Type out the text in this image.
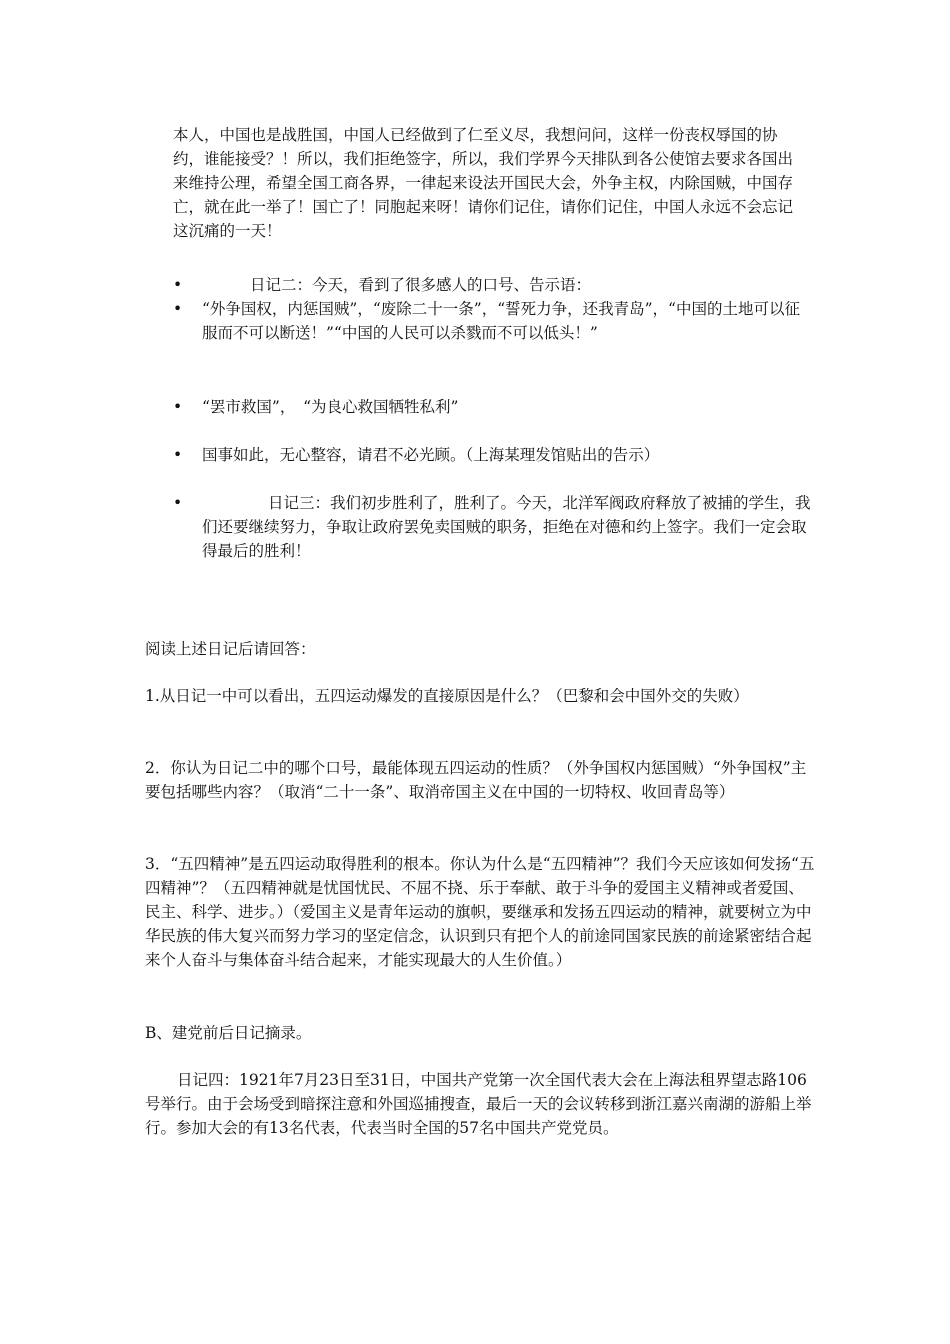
本人，中国也是战胜国，中国人已经做到了仁至义尽，我想问问，这样一份丧权辱国的协约，谁能接受？！所以，我们拒绝签字，所以，我们学界今天排队到各公使馆去要求各国出来维持公理，希望全国工商各界，一律起来设法开国民大会，外争主权，内除国贼，中国存亡，就在此一举了！国亡了！同胞起来呀！请你们记住，请你们记住，中国人永远不会忘记这沉痛的一天！

•	日记二：今天，看到了很多感人的口号、告示语：

• “外争国权，内惩国贼”，“废除二十一条”，“誓死力争，还我青岛”，“中国的土地可以征服而不可以断送！”“中国的人民可以杀戮而不可以低头！”

• “罢市救国”，　“为良心救国牺牲私利”

• 国事如此，无心整容，请君不必光顾。（上海某理发馆贴出的告示）

•	日记三：我们初步胜利了，胜利了。今天，北洋军阀政府释放了被捕的学生，我们还要继续努力，争取让政府罢免卖国贼的职务，拒绝在对德和约上签字。我们一定会取得最后的胜利！

阅读上述日记后请回答：

1.从日记一中可以看出，五四运动爆发的直接原因是什么？（巴黎和会中国外交的失败）

2．你认为日记二中的哪个口号，最能体现五四运动的性质？（外争国权内惩国贼）“外争国权”主要包括哪些内容？（取消“二十一条”、取消帝国主义在中国的一切特权、收回青岛等）

3．“五四精神”是五四运动取得胜利的根本。你认为什么是“五四精神”？我们今天应该如何发扬“五四精神”？（五四精神就是忧国忧民、不屈不挠、乐于奉献、敢于斗争的爱国主义精神或者爱国、民主、科学、进步。）（爱国主义是青年运动的旗帜，要继承和发扬五四运动的精神，就要树立为中华民族的伟大复兴而努力学习的坚定信念，认识到只有把个人的前途同国家民族的前途紧密结合起来个人奋斗与集体奋斗结合起来，才能实现最大的人生价值。）

B、建党前后日记摘录。

日记四：1921年7月23日至31日，中国共产党第一次全国代表大会在上海法租界望志路106号举行。由于会场受到暗探注意和外国巡捕搜查，最后一天的会议转移到浙江嘉兴南湖的游船上举行。参加大会的有13名代表，代表当时全国的57名中国共产党党员。
